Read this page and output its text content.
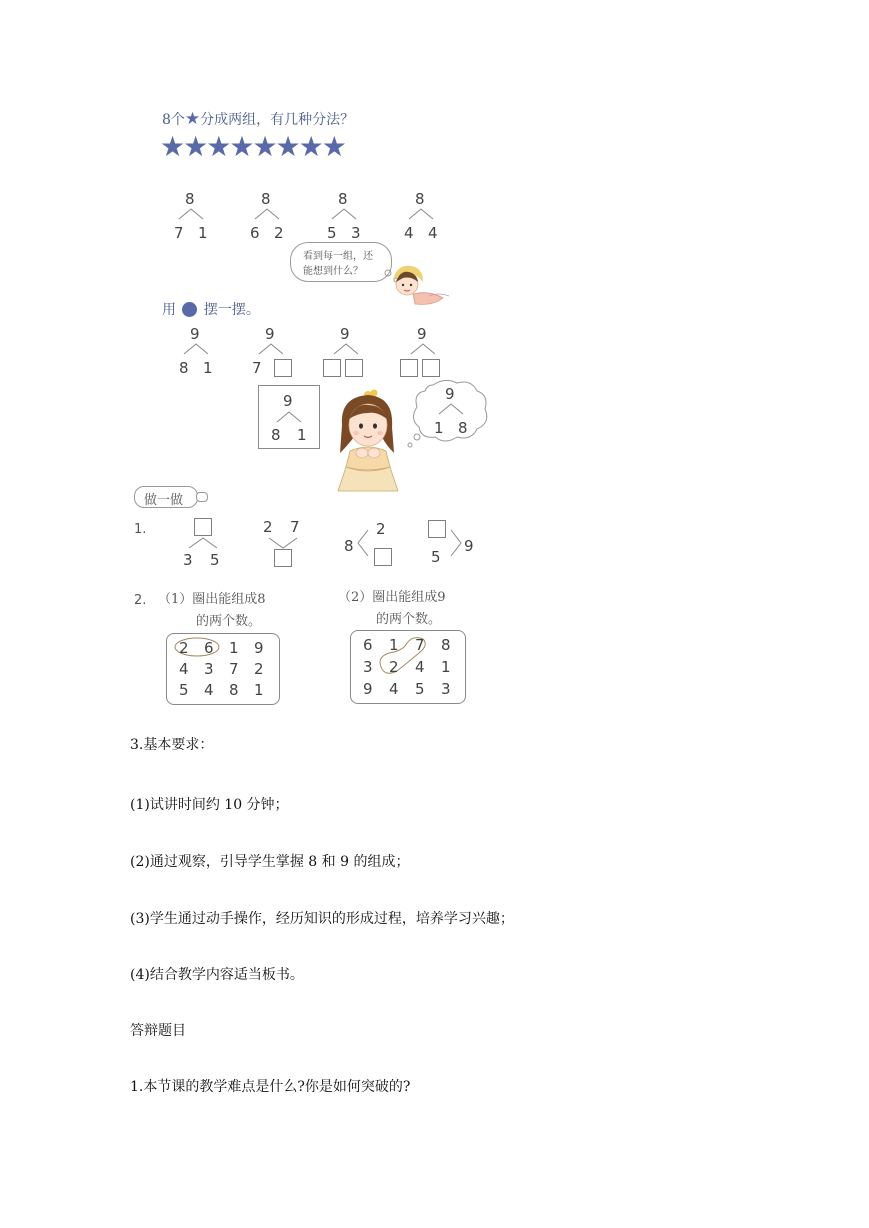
8个★分成两组，有几种分法？
★★★★★★★★
8
7 1
8
6 2
8
5 3
8
4 4
看到每一组，还
能想到什么？
用 摆一摆。
9
8 1
9
7
9	9
9
8 1
9
1 8
做一做
1.
3 5
2 7
8
2
5
9
2. （1）圈出能组成8
的两个数。
（2）圈出能组成9
的两个数。
2 6 1 9
4 3 7 2
5 4 8 1
6 1 7 8
3 2 4 1
9 4 5 3
3.基本要求：
(1)试讲时间约 10 分钟；
(2)通过观察，引导学生掌握 8 和 9 的组成；
(3)学生通过动手操作，经历知识的形成过程，培养学习兴趣；
(4)结合教学内容适当板书。
答辩题目
1.本节课的教学难点是什么?你是如何突破的?
